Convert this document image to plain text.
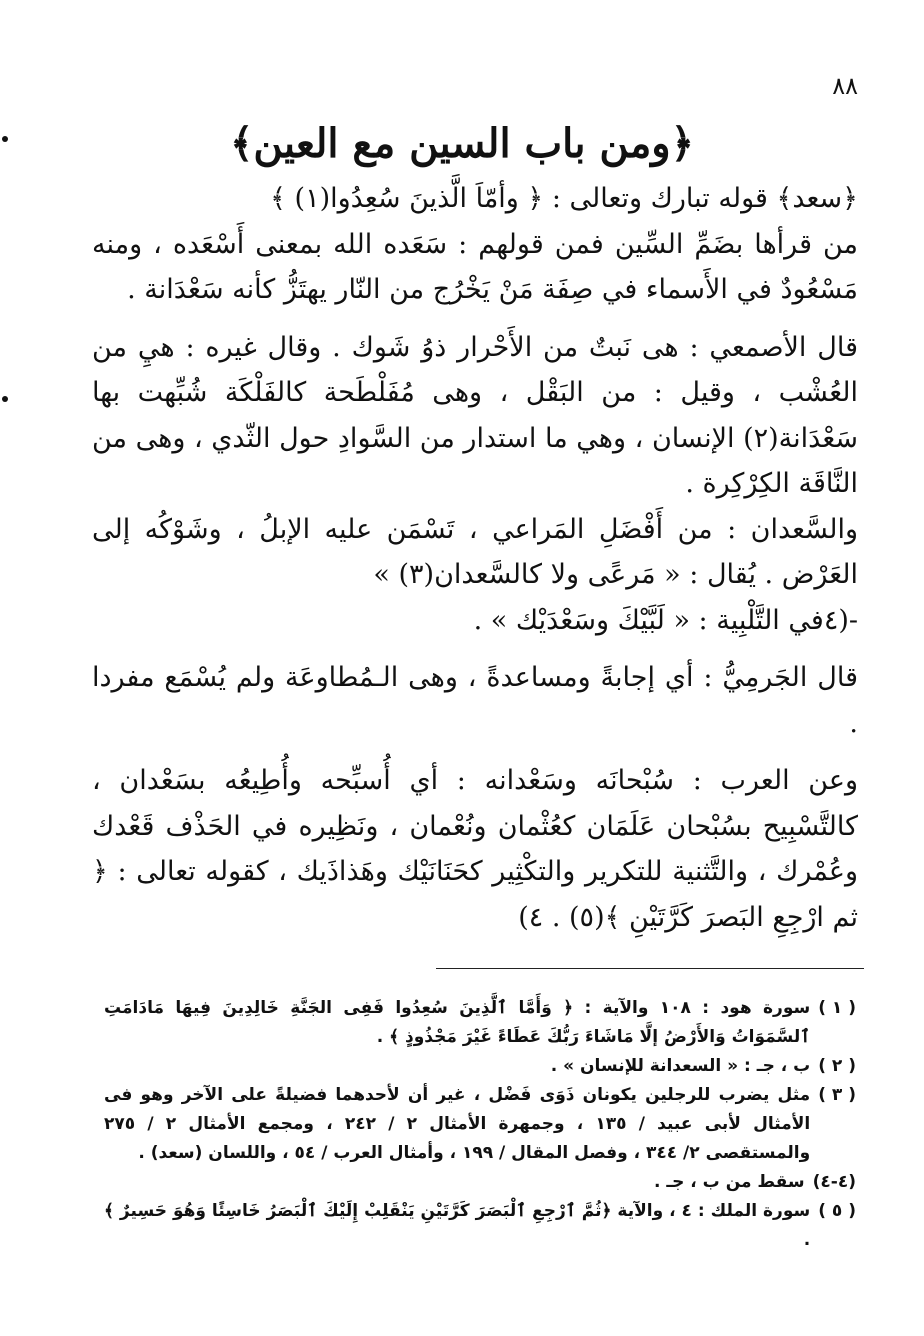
٨٨
﴿ومن باب السين مع العين﴾

﴿سعد﴾ قوله تبارك وتعالى : ﴿ وأمّاَ الَّذينَ سُعِدُوا(١) ﴾

من قرأها بضَمِّ السِّين فمن قولهم : سَعَده الله بمعنى أَسْعَده ، ومنه مَسْعُودٌ في الأَسماء في صِفَة مَنْ يَخْرُج من النّار يهتَزُّ كأنه سَعْدَانة .

قال الأصمعي : هى نَبتٌ من الأَحْرار ذوُ شَوك . وقال غيره : هيِ من العُشْب ، وقيل : من البَقْل ، وهى مُفَلْطَحة كالفَلْكَة شُبِّهت بها سَعْدَانة(٢) الإنسان ، وهي ما استدار من السَّوادِ حول الثّدي ، وهى من النَّاقَة الكِرْكِرة .

والسَّعدان : من أَفْضَلِ المَراعي ، تَسْمَن عليه الإبلُ ، وشَوْكُه إلى العَرْض . يُقال : « مَرعًى ولا كالسَّعدان(٣) »

-(٤في التَّلْبِية : « لَبَّيْكَ وسَعْدَيْك » .

قال الجَرمِيُّ : أي إجابةً ومساعدةً ، وهى الـمُطاوعَة ولم يُسْمَع مفردا .

وعن العرب : سُبْحانَه وسَعْدانه : أي أُسبِّحه وأُطِيعُه بسَعْدان ، كالتَّسْبِيح بسُبْحان عَلَمَان كعُثْمان ونُعْمان ، ونَظِيره في الحَذْف قَعْدك وعُمْرك ، والتَّثنية للتكرير والتكْثِير كحَنَانَيْك وهَذاذَيك ، كقوله تعالى : ﴿ ثم ارْجِعِ البَصرَ كَرَّتَيْنِ ﴾(٥) . ٤)

( ١ )
سورة هود : ١٠٨ والآية : ﴿ وَأَمَّا ٱلَّذِينَ سُعِدُوا فَفِى الجَنَّةِ خَالِدِينَ فِيهَا مَادَامَتِ ٱلسَّمَوَاتُ وَالأَرْضُ إلَّا مَاشَاءَ رَبُّكَ عَطَاءً غَيْرَ مَجْذُوذٍ ﴾ .
( ٢ )
ب ، جـ : « السعدانة للإنسان » .
( ٣ )
مثل يضرب للرجلين يكونان ذَوَى فَضْل ، غير أن لأحدهما فضيلةً على الآخر وهو فى الأمثال لأبى عبيد / ١٣٥ ، وجمهرة الأمثال ٢ / ٢٤٢ ، ومجمع الأمثال ٢ / ٢٧٥ والمستقصى ٢/ ٣٤٤ ، وفصل المقال / ١٩٩ ، وأمثال العرب / ٥٤ ، واللسان (سعد) .
(٤-٤)
سقط من ب ، جـ .
( ٥ )
سورة الملك : ٤ ، والآية ﴿ثُمَّ ٱرْجِعِ ٱلْبَصَرَ كَرَّتَيْنِ يَنْقَلِبْ إِلَيْكَ ٱلْبَصَرُ خَاسِئًا وَهُوَ حَسِيرٌ ﴾ .
